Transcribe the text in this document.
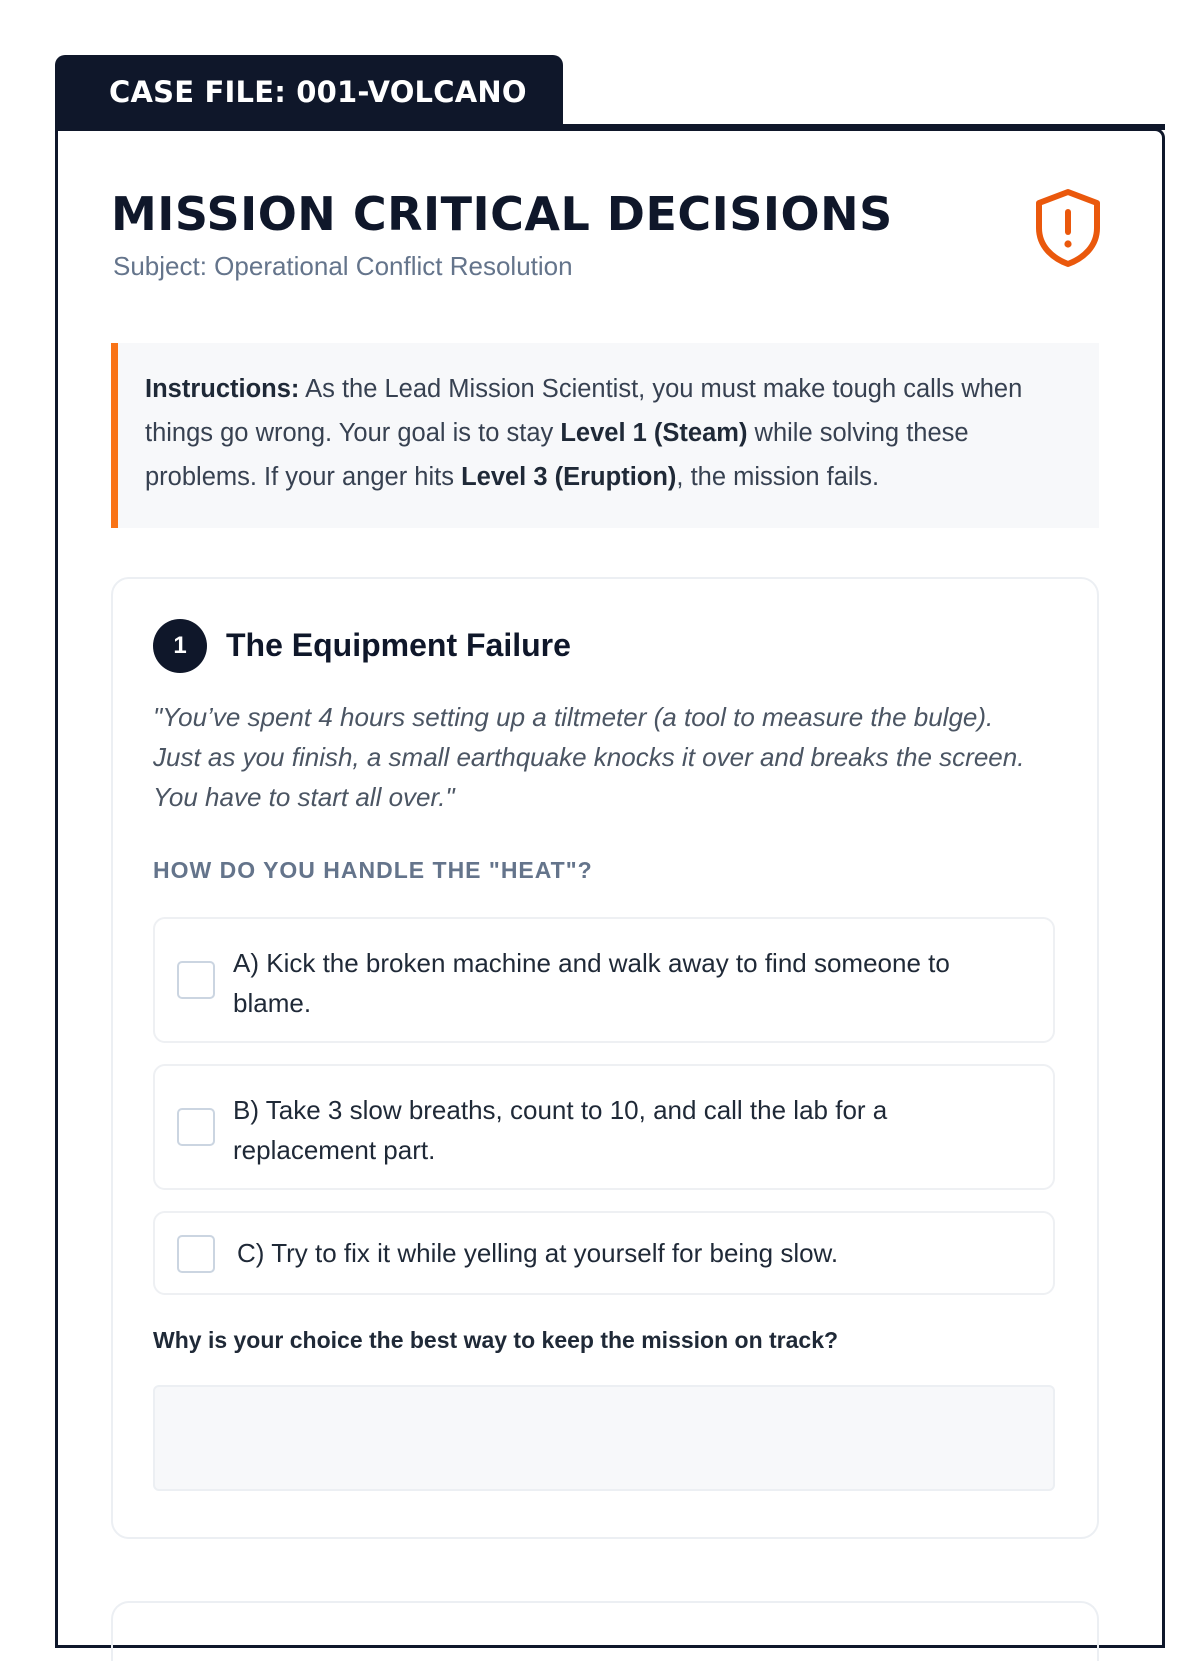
CASE FILE: 001-VOLCANO
MISSION CRITICAL DECISIONS
Subject: Operational Conflict Resolution
Instructions: As the Lead Mission Scientist, you must make tough calls when things go wrong. Your goal is to stay Level 1 (Steam) while solving these problems. If your anger hits Level 3 (Eruption), the mission fails.
1	The Equipment Failure

"You’ve spent 4 hours setting up a tiltmeter (a tool to measure the bulge). Just as you finish, a small earthquake knocks it over and breaks the screen. You have to start all over."

HOW DO YOU HANDLE THE "HEAT"?
A) Kick the broken machine and walk away to find someone to blame.
B) Take 3 slow breaths, count to 10, and call the lab for a replacement part.
C) Try to fix it while yelling at yourself for being slow.
Why is your choice the best way to keep the mission on track?
